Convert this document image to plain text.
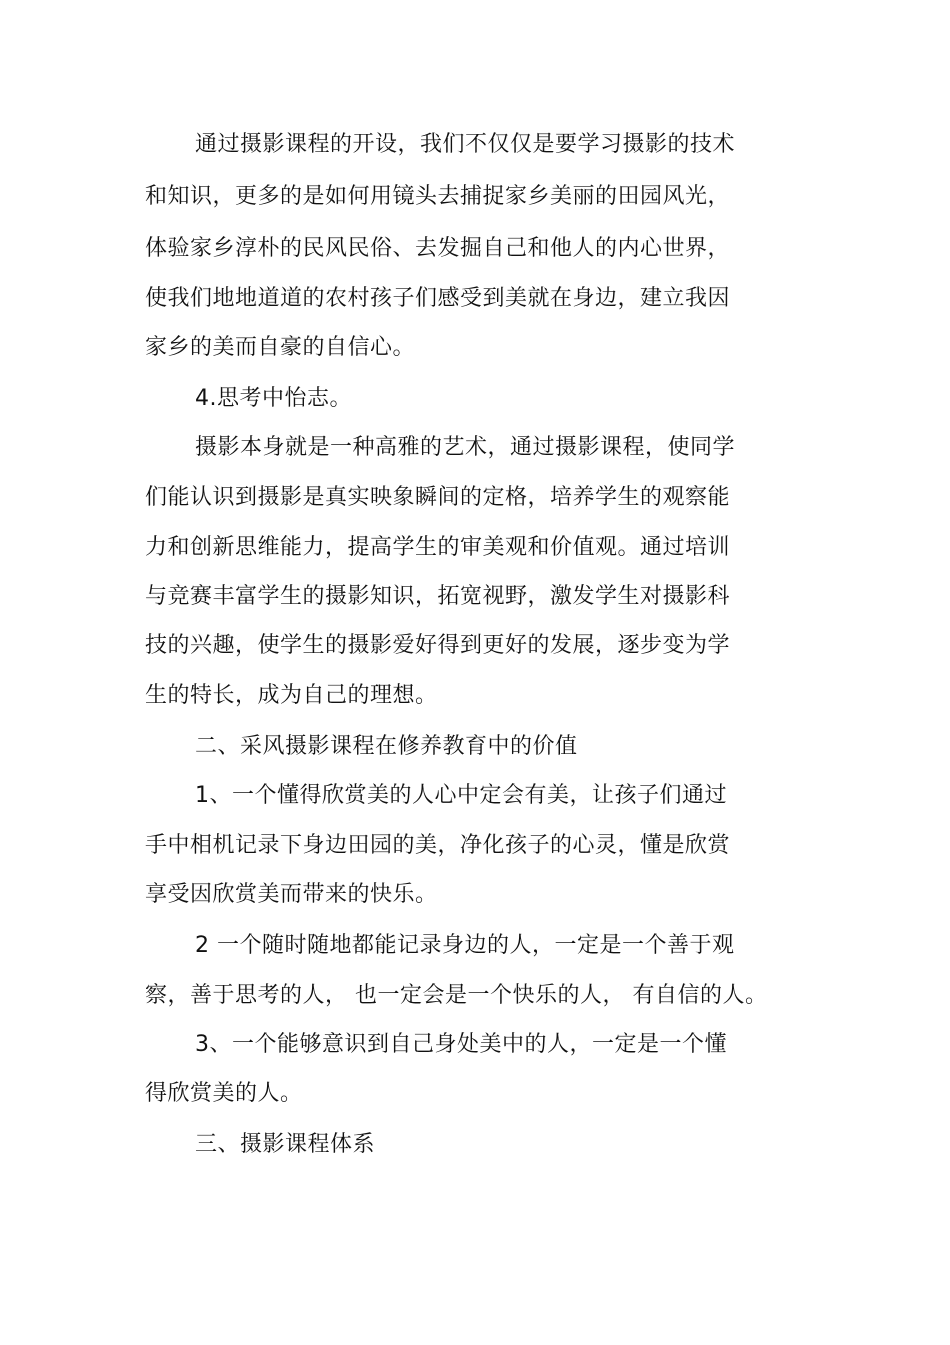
通过摄影课程的开设，我们不仅仅是要学习摄影的技术
和知识，更多的是如何用镜头去捕捉家乡美丽的田园风光，
体验家乡淳朴的民风民俗、去发掘自己和他人的内心世界，
使我们地地道道的农村孩子们感受到美就在身边，建立我因
家乡的美而自豪的自信心。
4.思考中怡志。
摄影本身就是一种高雅的艺术，通过摄影课程，使同学
们能认识到摄影是真实映象瞬间的定格，培养学生的观察能
力和创新思维能力，提高学生的审美观和价值观。通过培训
与竞赛丰富学生的摄影知识，拓宽视野，激发学生对摄影科
技的兴趣，使学生的摄影爱好得到更好的发展，逐步变为学
生的特长，成为自己的理想。
二、采风摄影课程在修养教育中的价值
1、一个懂得欣赏美的人心中定会有美，让孩子们通过
手中相机记录下身边田园的美，净化孩子的心灵，懂是欣赏
享受因欣赏美而带来的快乐。
2 一个随时随地都能记录身边的人，一定是一个善于观
察，善于思考的人， 也一定会是一个快乐的人， 有自信的人。
3、一个能够意识到自己身处美中的人，一定是一个懂
得欣赏美的人。
三、摄影课程体系
